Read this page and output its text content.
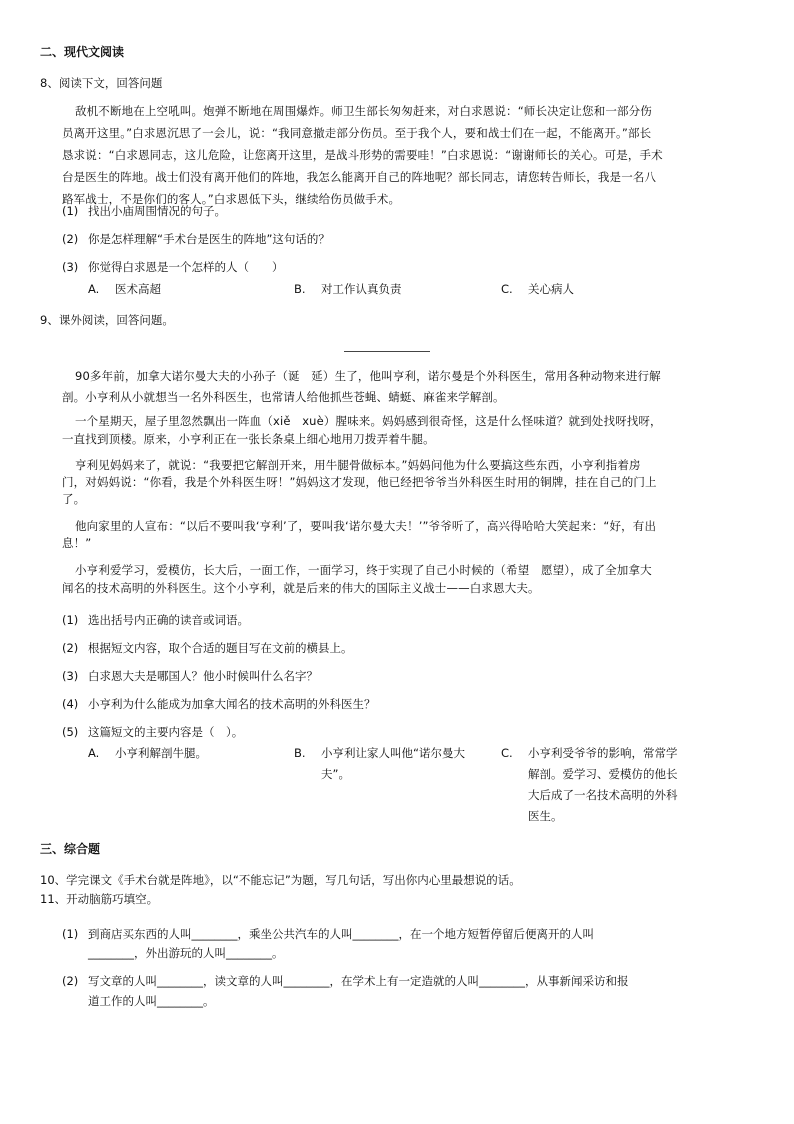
二、现代文阅读
8、阅读下文，回答问题
敌机不断地在上空吼叫。炮弹不断地在周围爆炸。师卫生部长匆匆赶来，对白求恩说：“师长决定让您和一部分伤
员离开这里。”白求恩沉思了一会儿，说：“我同意撤走部分伤员。至于我个人，要和战士们在一起，不能离开。”部长
恳求说：“白求恩同志，这儿危险，让您离开这里，是战斗形势的需要哇！”白求恩说：“谢谢师长的关心。可是，手术
台是医生的阵地。战士们没有离开他们的阵地，我怎么能离开自己的阵地呢？部长同志，请您转告师长，我是一名八
路军战士，不是你们的客人。”白求恩低下头，继续给伤员做手术。
(1) 找出小庙周围情况的句子。
(2) 你是怎样理解“手术台是医生的阵地”这句话的？
(3) 你觉得白求恩是一个怎样的人（　　）
A. 医术高超	B. 对工作认真负责	C. 关心病人
9、课外阅读，回答问题。
90多年前，加拿大诺尔曼大夫的小孙子（诞　延）生了，他叫亨利，诺尔曼是个外科医生，常用各种动物来进行解
剖。小亨利从小就想当一名外科医生，也常请人给他抓些苍蝇、蜻蜓、麻雀来学解剖。
一个星期天，屋子里忽然飘出一阵血（xiě　xuè）腥味来。妈妈感到很奇怪，这是什么怪味道？就到处找呀找呀，
一直找到顶楼。原来，小亨利正在一张长条桌上细心地用刀拨弄着牛腿。
亨利见妈妈来了，就说：“我要把它解剖开来，用牛腿骨做标本。”妈妈问他为什么要搞这些东西，小亨利指着房
门，对妈妈说：“你看，我是个外科医生呀！”妈妈这才发现，他已经把爷爷当外科医生时用的铜牌，挂在自己的门上
了。
他向家里的人宣布：“以后不要叫我‘亨利’了，要叫我‘诺尔曼大夫！’”爷爷听了，高兴得哈哈大笑起来：“好，有出
息！”
小亨利爱学习，爱模仿，长大后，一面工作，一面学习，终于实现了自己小时候的（希望　愿望），成了全加拿大
闻名的技术高明的外科医生。这个小亨利，就是后来的伟大的国际主义战士——白求恩大夫。
(1) 选出括号内正确的读音或词语。
(2) 根据短文内容，取个合适的题目写在文前的横县上。
(3) 白求恩大夫是哪国人？他小时候叫什么名字？
(4) 小亨利为什么能成为加拿大闻名的技术高明的外科医生？
(5) 这篇短文的主要内容是（　）。
A. 小亨利解剖牛腿。	B. 小亨利让家人叫他“诺尔曼大
夫”。
C. 小亨利受爷爷的影响，常常学
解剖。爱学习、爱模仿的他长
大后成了一名技术高明的外科
医生。
三、综合题
10、学完课文《手术台就是阵地》，以“不能忘记”为题，写几句话，写出你内心里最想说的话。
11、开动脑筋巧填空。
(1) 到商店买东西的人叫________，乘坐公共汽车的人叫________，在一个地方短暂停留后便离开的人叫
________，外出游玩的人叫________。
(2) 写文章的人叫________，读文章的人叫________，在学术上有一定造就的人叫________，从事新闻采访和报
道工作的人叫________。
